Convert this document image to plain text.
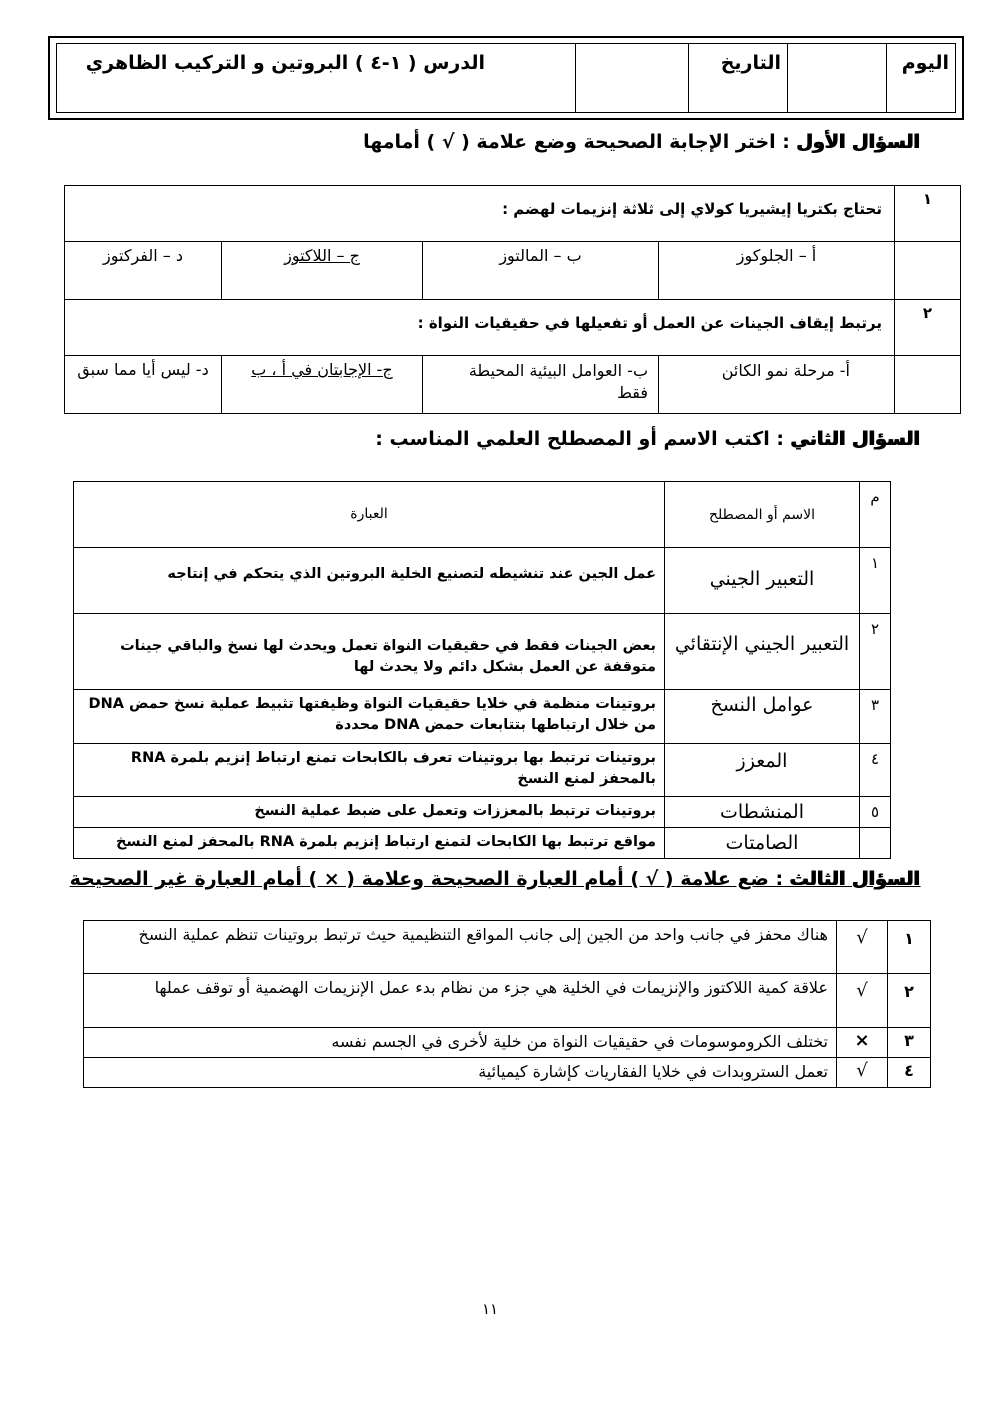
اليوم		التاريخ		الدرس ( ١-٤ ) البروتين و التركيب الظاهري
السؤال الأول : اختر الإجابة الصحيحة وضع علامة ( √ ) أمامها
١	تحتاج بكتريا إيشيريا كولاي إلى ثلاثة إنزيمات لهضم :			
	أ – الجلوكوز	ب – المالتوز	ج – اللاكتوز	د – الفركتوز
٢	يرتبط إيقاف الجينات عن العمل أو تفعيلها في حقيقيات النواة :			
	أ- مرحلة نمو الكائن	ب- العوامل البيئية المحيطة فقط	ج- الإجابتان في أ ، ب	د- ليس أيا مما سبق
السؤال الثاني : اكتب الاسم أو المصطلح العلمي المناسب :
م	الاسم أو المصطلح	العبارة
١	التعبير الجيني	عمل الجين عند تنشيطه لتصنيع الخلية البروتين الذي يتحكم في إنتاجه
٢	التعبير الجيني الإنتقائي	بعض الجينات فقط في حقيقيات النواة تعمل ويحدث لها نسخ والباقي جينات متوقفة عن العمل بشكل دائم ولا يحدث لها
٣	عوامل النسخ	بروتينات منظمة في خلايا حقيقيات النواة وظيفتها تثبيط عملية نسخ حمض DNA من خلال ارتباطها بتتابعات حمض DNA محددة
٤	المعزز	بروتينات ترتبط بها بروتينات تعرف بالكابحات تمنع ارتباط إنزيم بلمرة RNA بالمحفز لمنع النسخ
٥	المنشطات	بروتينات ترتبط بالمعززات وتعمل على ضبط عملية النسخ
	الصامتات	مواقع ترتبط بها الكابحات لتمنع ارتباط إنزيم بلمرة RNA بالمحفز لمنع النسخ
السؤال الثالث : ضع علامة ( √ ) أمام العبارة الصحيحة وعلامة ( × ) أمام العبارة غير الصحيحة
١	√	هناك محفز في جانب واحد من الجين إلى جانب المواقع التنظيمية حيث ترتبط بروتينات تنظم عملية النسخ
٢	√	علاقة كمية اللاكتوز والإنزيمات في الخلية هي جزء من نظام بدء عمل الإنزيمات الهضمية أو توقف عملها
٣	×	تختلف الكروموسومات في حقيقيات النواة من خلية لأخرى في الجسم نفسه
٤	√	تعمل الستروبدات في خلايا الفقاريات كإشارة كيميائية
١١
